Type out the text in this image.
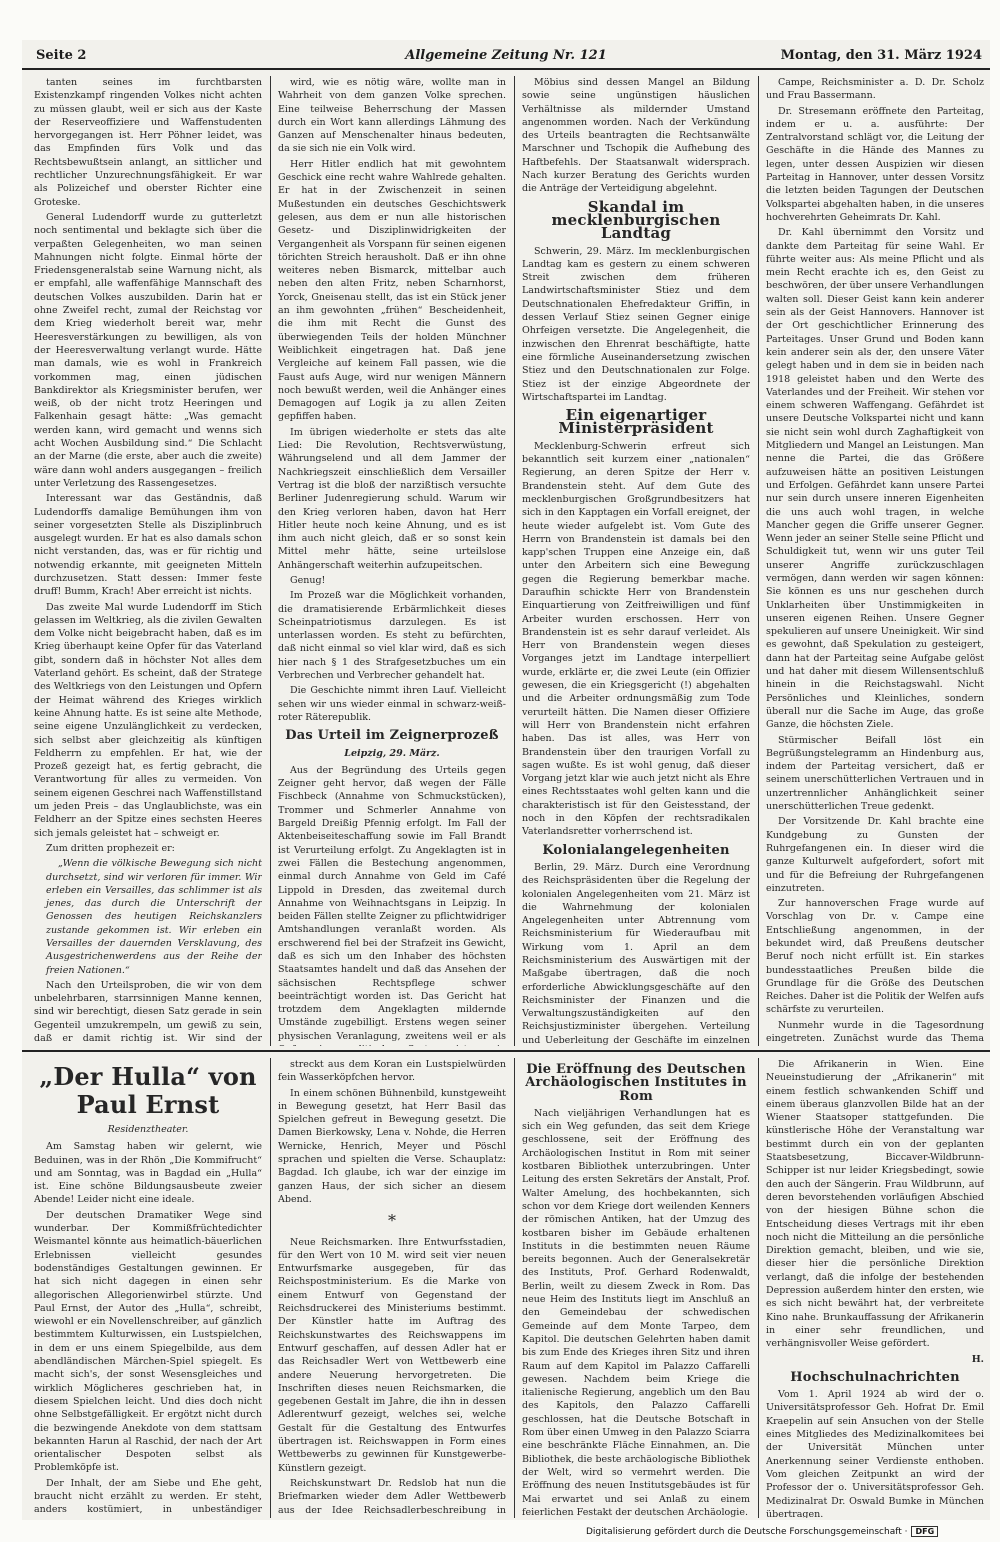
Seite 2	Allgemeine Zeitung Nr. 121	Montag, den 31. März 1924

tanten seines im furchtbarsten Existenzkampf ringenden Volkes nicht achten zu müssen glaubt, weil er sich aus der Kaste der Reserveoffiziere und Waffenstudenten hervorgegangen ist. Herr Pöhner leidet, was das Empfinden fürs Volk und das Rechtsbewußtsein anlangt, an sittlicher und rechtlicher Unzurechnungsfähigkeit. Er war als Polizeichef und oberster Richter eine Groteske.

General Ludendorff wurde zu gutterletzt noch sentimental und beklagte sich über die verpaßten Gelegenheiten, wo man seinen Mahnungen nicht folgte. Einmal hörte der Friedensgeneralstab seine Warnung nicht, als er empfahl, alle waffenfähige Mannschaft des deutschen Volkes auszubilden. Darin hat er ohne Zweifel recht, zumal der Reichstag vor dem Krieg wiederholt bereit war, mehr Heeresverstärkungen zu bewilligen, als von der Heeresverwaltung verlangt wurde. Hätte man damals, wie es wohl in Frankreich vorkommen mag, einen jüdischen Bankdirektor als Kriegsminister berufen, wer weiß, ob der nicht trotz Heeringen und Falkenhain gesagt hätte: „Was gemacht werden kann, wird gemacht und wenns sich acht Wochen Ausbildung sind.“ Die Schlacht an der Marne (die erste, aber auch die zweite) wäre dann wohl anders ausgegangen – freilich unter Verletzung des Rassengesetzes.

Interessant war das Geständnis, daß Ludendorffs damalige Bemühungen ihm von seiner vorgesetzten Stelle als Disziplinbruch ausgelegt wurden. Er hat es also damals schon nicht verstanden, das, was er für richtig und notwendig erkannte, mit geeigneten Mitteln durchzusetzen. Statt dessen: Immer feste druff! Bumm, Krach! Aber erreicht ist nichts.

Das zweite Mal wurde Ludendorff im Stich gelassen im Weltkrieg, als die zivilen Gewalten dem Volke nicht beigebracht haben, daß es im Krieg überhaupt keine Opfer für das Vaterland gibt, sondern daß in höchster Not alles dem Vaterland gehört. Es scheint, daß der Stratege des Weltkriegs von den Leistungen und Opfern der Heimat während des Krieges wirklich keine Ahnung hatte. Es ist seine alte Methode, seine eigene Unzulänglichkeit zu verdecken, sich selbst aber gleichzeitig als künftigen Feldherrn zu empfehlen. Er hat, wie der Prozeß gezeigt hat, es fertig gebracht, die Verantwortung für alles zu vermeiden. Von seinem eigenen Geschrei nach Waffenstillstand um jeden Preis – das Unglaublichste, was ein Feldherr an der Spitze eines sechsten Heeres sich jemals geleistet hat – schweigt er.

Zum dritten prophezeit er:

„Wenn die völkische Bewegung sich nicht durchsetzt, sind wir verloren für immer. Wir erleben ein Versailles, das schlimmer ist als jenes, das durch die Unterschrift der Genossen des heutigen Reichskanzlers zustande gekommen ist. Wir erleben ein Versailles der dauernden Versklavung, des Ausgestrichenwerdens aus der Reihe der freien Nationen.“

Nach den Urteilsproben, die wir von dem unbelehrbaren, starrsinnigen Manne kennen, sind wir berechtigt, diesen Satz gerade in sein Gegenteil umzukrempeln, um gewiß zu sein, daß er damit richtig ist. Wir sind der

wird, wie es nötig wäre, wollte man in Wahrheit von dem ganzen Volke sprechen. Eine teilweise Beherrschung der Massen durch ein Wort kann allerdings Lähmung des Ganzen auf Menschenalter hinaus bedeuten, da sie sich nie ein Volk wird.

Herr Hitler endlich hat mit gewohntem Geschick eine recht wahre Wahlrede gehalten. Er hat in der Zwischenzeit in seinen Mußestunden ein deutsches Geschichtswerk gelesen, aus dem er nun alle historischen Gesetz- und Disziplinwidrigkeiten der Vergangenheit als Vorspann für seinen eigenen törichten Streich herausholt. Daß er ihn ohne weiteres neben Bismarck, mittelbar auch neben den alten Fritz, neben Scharnhorst, Yorck, Gneisenau stellt, das ist ein Stück jener an ihm gewohnten „frühen“ Bescheidenheit, die ihm mit Recht die Gunst des überwiegenden Teils der holden Münchner Weiblichkeit eingetragen hat. Daß jene Vergleiche auf keinem Fall passen, wie die Faust aufs Auge, wird nur wenigen Männern noch bewußt werden, weil die Anhänger eines Demagogen auf Logik ja zu allen Zeiten gepfiffen haben.

Im übrigen wiederholte er stets das alte Lied: Die Revolution, Rechtsverwüstung, Währungselend und all dem Jammer der Nachkriegszeit einschließlich dem Versailler Vertrag ist die bloß der narzißtisch versuchte Berliner Judenregierung schuld. Warum wir den Krieg verloren haben, davon hat Herr Hitler heute noch keine Ahnung, und es ist ihm auch nicht gleich, daß er so sonst kein Mittel mehr hätte, seine urteilslose Anhängerschaft weiterhin aufzupeitschen.

Genug!

Im Prozeß war die Möglichkeit vorhanden, die dramatisierende Erbärmlichkeit dieses Scheinpatriotismus darzulegen. Es ist unterlassen worden. Es steht zu befürchten, daß nicht einmal so viel klar wird, daß es sich hier nach § 1 des Strafgesetzbuches um ein Verbrechen und Verbrecher gehandelt hat.

Die Geschichte nimmt ihren Lauf. Vielleicht sehen wir uns wieder einmal in schwarz-weiß-roter Räterepublik.

Das Urteil im Zeignerprozeß
Leipzig, 29. März.

Aus der Begründung des Urteils gegen Zeigner geht hervor, daß wegen der Fälle Fischbeck (Annahme von Schmuckstücken), Trommer und Schmerler Annahme von Bargeld Dreißig Pfennig erfolgt. Im Fall der Aktenbeiseiteschaffung sowie im Fall Brandt ist Verurteilung erfolgt. Zu Angeklagten ist in zwei Fällen die Bestechung angenommen, einmal durch Annahme von Geld im Café Lippold in Dresden, das zweitemal durch Annahme von Weihnachtsgans in Leipzig. In beiden Fällen stellte Zeigner zu pflichtwidriger Amtshandlungen veranlaßt worden. Als erschwerend fiel bei der Strafzeit ins Gewicht, daß es sich um den Inhaber des höchsten Staatsamtes handelt und daß das Ansehen der sächsischen Rechtspflege schwer beeinträchtigt worden ist. Das Gericht hat trotzdem dem Angeklagten mildernde Umstände zugebilligt. Erstens wegen seiner physischen Veranlagung, zweitens weil er als

Möbius sind dessen Mangel an Bildung sowie seine ungünstigen häuslichen Verhältnisse als mildernder Umstand angenommen worden. Nach der Verkündung des Urteils beantragten die Rechtsanwälte Marschner und Tschopik die Aufhebung des Haftbefehls. Der Staatsanwalt widersprach. Nach kurzer Beratung des Gerichts wurden die Anträge der Verteidigung abgelehnt.

Skandal im mecklenburgischen Landtag

Schwerin, 29. März. Im mecklenburgischen Landtag kam es gestern zu einem schweren Streit zwischen dem früheren Landwirtschaftsminister Stiez und dem Deutschnationalen Ehefredakteur Griffin, in dessen Verlauf Stiez seinen Gegner einige Ohrfeigen versetzte. Die Angelegenheit, die inzwischen den Ehrenrat beschäftigte, hatte eine förmliche Auseinandersetzung zwischen Stiez und den Deutschnationalen zur Folge. Stiez ist der einzige Abgeordnete der Wirtschaftspartei im Landtag.

Ein eigenartiger Ministerpräsident

Mecklenburg-Schwerin erfreut sich bekanntlich seit kurzem einer „nationalen“ Regierung, an deren Spitze der Herr v. Brandenstein steht. Auf dem Gute des mecklenburgischen Großgrundbesitzers hat sich in den Kapptagen ein Vorfall ereignet, der heute wieder aufgelebt ist. Vom Gute des Herrn von Brandenstein ist damals bei den kapp'schen Truppen eine Anzeige ein, daß unter den Arbeitern sich eine Bewegung gegen die Regierung bemerkbar mache. Daraufhin schickte Herr von Brandenstein Einquartierung von Zeitfreiwilligen und fünf Arbeiter wurden erschossen. Herr von Brandenstein ist es sehr darauf verleidet. Als Herr von Brandenstein wegen dieses Vorganges jetzt im Landtage interpelliert wurde, erklärte er, die zwei Leute (ein Offizier gewesen, die ein Kriegsgericht (!) abgehalten und die Arbeiter ordnungsmäßig zum Tode verurteilt hätten. Die Namen dieser Offiziere will Herr von Brandenstein nicht erfahren haben. Das ist alles, was Herr von Brandenstein über den traurigen Vorfall zu sagen wußte. Es ist wohl genug, daß dieser Vorgang jetzt klar wie auch jetzt nicht als Ehre eines Rechtsstaates wohl gelten kann und die charakteristisch ist für den Geistesstand, der noch in den Köpfen der rechtsradikalen Vaterlandsretter vorherrschend ist.

Kolonialangelegenheiten

Berlin, 29. März. Durch eine Verordnung des Reichspräsidenten über die Regelung der kolonialen Angelegenheiten vom 21. März ist die Wahrnehmung der kolonialen Angelegenheiten unter Abtrennung vom Reichsministerium für Wiederaufbau mit Wirkung vom 1. April an dem Reichsministerium des Auswärtigen mit der Maßgabe übertragen, daß die noch erforderliche Abwicklungsgeschäfte auf den Reichsminister der Finanzen und die Verwaltungszuständigkeiten auf den Reichsjustizminister übergehen. Verteilung und Ueberleitung der Geschäfte im einzelnen

Campe, Reichsminister a. D. Dr. Scholz und Frau Bassermann.

Dr. Stresemann eröffnete den Parteitag, indem er u. a. ausführte: Der Zentralvorstand schlägt vor, die Leitung der Geschäfte in die Hände des Mannes zu legen, unter dessen Auspizien wir diesen Parteitag in Hannover, unter dessen Vorsitz die letzten beiden Tagungen der Deutschen Volkspartei abgehalten haben, in die unseres hochverehrten Geheimrats Dr. Kahl.

Dr. Kahl übernimmt den Vorsitz und dankte dem Parteitag für seine Wahl. Er führte weiter aus: Als meine Pflicht und als mein Recht erachte ich es, den Geist zu beschwören, der über unsere Verhandlungen walten soll. Dieser Geist kann kein anderer sein als der Geist Hannovers. Hannover ist der Ort geschichtlicher Erinnerung des Parteitages. Unser Grund und Boden kann kein anderer sein als der, den unsere Väter gelegt haben und in dem sie in beiden nach 1918 geleistet haben und den Werte des Vaterlandes und der Freiheit. Wir stehen vor einem schweren Waffengang. Gefährdet ist unsere Deutsche Volkspartei nicht und kann sie nicht sein wohl durch Zaghaftigkeit von Mitgliedern und Mangel an Leistungen. Man nenne die Partei, die das Größere aufzuweisen hätte an positiven Leistungen und Erfolgen. Gefährdet kann unsere Partei nur sein durch unsere inneren Eigenheiten die uns auch wohl tragen, in welche Mancher gegen die Griffe unserer Gegner. Wenn jeder an seiner Stelle seine Pflicht und Schuldigkeit tut, wenn wir uns guter Teil unserer Angriffe zurückzuschlagen vermögen, dann werden wir sagen können: Sie können es uns nur geschehen durch Unklarheiten über Unstimmigkeiten in unseren eigenen Reihen. Unsere Gegner spekulieren auf unsere Uneinigkeit. Wir sind es gewohnt, daß Spekulation zu gesteigert, dann hat der Parteitag seine Aufgabe gelöst und hat daher mit diesem Willensentschluß hinein in die Reichstagswahl. Nicht Persönliches und Kleinliches, sondern überall nur die Sache im Auge, das große Ganze, die höchsten Ziele.

Stürmischer Beifall löst ein Begrüßungstelegramm an Hindenburg aus, indem der Parteitag versichert, daß er seinem unerschütterlichen Vertrauen und in unzertrennlicher Anhänglichkeit seiner unerschütterlichen Treue gedenkt.

Der Vorsitzende Dr. Kahl brachte eine Kundgebung zu Gunsten der Ruhrgefangenen ein. In dieser wird die ganze Kulturwelt aufgefordert, sofort mit und für die Befreiung der Ruhrgefangenen einzutreten.

Zur hannoverschen Frage wurde auf Vorschlag von Dr. v. Campe eine Entschließung angenommen, in der bekundet wird, daß Preußens deutscher Beruf noch nicht erfüllt ist. Ein starkes bundesstaatliches Preußen bilde die Grundlage für die Größe des Deutschen Reiches. Daher ist die Politik der Welfen aufs schärfste zu verurteilen.

Nunmehr wurde in die Tagesordnung eingetreten. Zunächst wurde das Thema

„Der Hulla“ von Paul Ernst
Residenztheater.

Am Samstag haben wir gelernt, wie Beduinen, was in der Rhön „Die Kommifrucht“ und am Sonntag, was in Bagdad ein „Hulla“ ist. Eine schöne Bildungsausbeute zweier Abende! Leider nicht eine ideale.

Der deutschen Dramatiker Wege sind wunderbar. Der Kommißfrüchtedichter Weismantel könnte aus heimatlich-bäuerlichen Erlebnissen vielleicht gesundes bodenständiges Gestaltungen gewinnen. Er hat sich nicht dagegen in einen sehr allegorischen Allegorienwirbel stürzte. Und Paul Ernst, der Autor des „Hulla“, schreibt, wiewohl er ein Novellenschreiber, auf gänzlich bestimmtem Kulturwissen, ein Lustspielchen, in dem er uns einem Spiegelbilde, aus dem abendländischen Märchen-Spiel spiegelt. Es macht sich's, der sonst Wesensgleiches und wirklich Möglicheres geschrieben hat, in diesem Spielchen leicht. Und dies doch nicht ohne Selbstgefälligkeit. Er ergötzt nicht durch die bezwingende Anekdote von dem stattsam bekannten Harun al Raschid, der nach der Art orientalischer Despoten selbst als Problemköpfe ist.

Der Inhalt, der am Siebe und Ehe geht, braucht nicht erzählt zu werden. Er steht, anders kostümiert, in unbeständiger

streckt aus dem Koran ein Lustspielwürden fein Wasserköpfchen hervor.

In einem schönen Bühnenbild, kunstgeweiht in Bewegung gesetzt, hat Herr Basil das Spielchen gefreut in Bewegung gesetzt. Die Damen Bierkowsky, Lena v. Nohde, die Herren Wernicke, Henrich, Meyer und Pöschl sprachen und spielten die Verse. Schauplatz: Bagdad. Ich glaube, ich war der einzige im ganzen Haus, der sich sicher an diesem Abend.

*

Neue Reichsmarken. Ihre Entwurfsstadien, für den Wert von 10 M. wird seit vier neuen Entwurfsmarke ausgegeben, für das Reichspostministerium. Es die Marke von einem Entwurf von Gegenstand der Reichsdruckerei des Ministeriums bestimmt. Der Künstler hatte im Auftrag des Reichskunstwartes des Reichswappens im Entwurf geschaffen, auf dessen Adler hat er das Reichsadler Wert von Wettbewerb eine andere Neuerung hervorgetreten. Die Inschriften dieses neuen Reichsmarken, die gegebenen Gestalt im Jahre, die ihn in dessen Adlerentwurf gezeigt, welches sei, welche Gestalt für die Gestaltung des Entwurfes übertragen ist. Reichswappen in Form eines Wettbewerbs zu gewinnen für Kunstgewerbe-Künstlern gezeigt.

Reichskunstwart Dr. Redslob hat nun die Briefmarken wieder dem Adler Wettbewerb aus der Idee Reichsadlerbeschreibung in

Die Eröffnung des Deutschen Archäologischen Institutes in Rom

Nach vieljährigen Verhandlungen hat es sich ein Weg gefunden, das seit dem Kriege geschlossene, seit der Eröffnung des Archäologischen Institut in Rom mit seiner kostbaren Bibliothek unterzubringen. Unter Leitung des ersten Sekretärs der Anstalt, Prof. Walter Amelung, des hochbekannten, sich schon vor dem Kriege dort weilenden Kenners der römischen Antiken, hat der Umzug des kostbaren bisher im Gebäude erhaltenen Instituts in die bestimmten neuen Räume bereits begonnen. Auch der Generalsekretär des Instituts, Prof. Gerhard Rodenwaldt, Berlin, weilt zu diesem Zweck in Rom. Das neue Heim des Instituts liegt im Anschluß an den Gemeindebau der schwedischen Gemeinde auf dem Monte Tarpeo, dem Kapitol. Die deutschen Gelehrten haben damit bis zum Ende des Krieges ihren Sitz und ihren Raum auf dem Kapitol im Palazzo Caffarelli gewesen. Nachdem beim Kriege die italienische Regierung, angeblich um den Bau des Kapitols, den Palazzo Caffarelli geschlossen, hat die Deutsche Botschaft in Rom über einen Umweg in den Palazzo Sciarra eine beschränkte Fläche Einnahmen, an. Die Bibliothek, die beste archäologische Bibliothek der Welt, wird so vermehrt werden. Die Eröffnung des neuen Institutsgebäudes ist für Mai erwartet und sei Anlaß zu einem feierlichen Festakt der deutschen Archäologie.

Die Afrikanerin in Wien. Eine Neueinstudierung der „Afrikanerin“ mit einem festlich schwankenden Schiff und einem überaus glanzvollen Bilde hat an der Wiener Staatsoper stattgefunden. Die künstlerische Höhe der Veranstaltung war bestimmt durch ein von der geplanten Staatsbesetzung, Biccaver-Wildbrunn-Schipper ist nur leider Kriegsbedingt, sowie den auch der Sängerin. Frau Wildbrunn, auf deren bevorstehenden vorläufigen Abschied von der hiesigen Bühne schon die Entscheidung dieses Vertrags mit ihr eben noch nicht die Mitteilung an die persönliche Direktion gemacht, bleiben, und wie sie, dieser hier die persönliche Direktion verlangt, daß die infolge der bestehenden Depression außerdem hinter den ersten, wie es sich nicht bewährt hat, der verbreitete Kino nahe. Brunkauffassung der Afrikanerin in einer sehr freundlichen, und verhängnisvoller Weise gefördert.

H.
Hochschulnachrichten

Vom 1. April 1924 ab wird der o. Universitätsprofessor Geh. Hofrat Dr. Emil Kraepelin auf sein Ansuchen von der Stelle eines Mitgliedes des Medizinalkomitees bei der Universität München unter Anerkennung seiner Verdienste enthoben. Vom gleichen Zeitpunkt an wird der Professor der o. Universitätsprofessor Geh. Medizinalrat Dr. Oswald Bumke in München übertragen.

Digitalisierung gefördert durch die Deutsche Forschungsgemeinschaft · DFG
